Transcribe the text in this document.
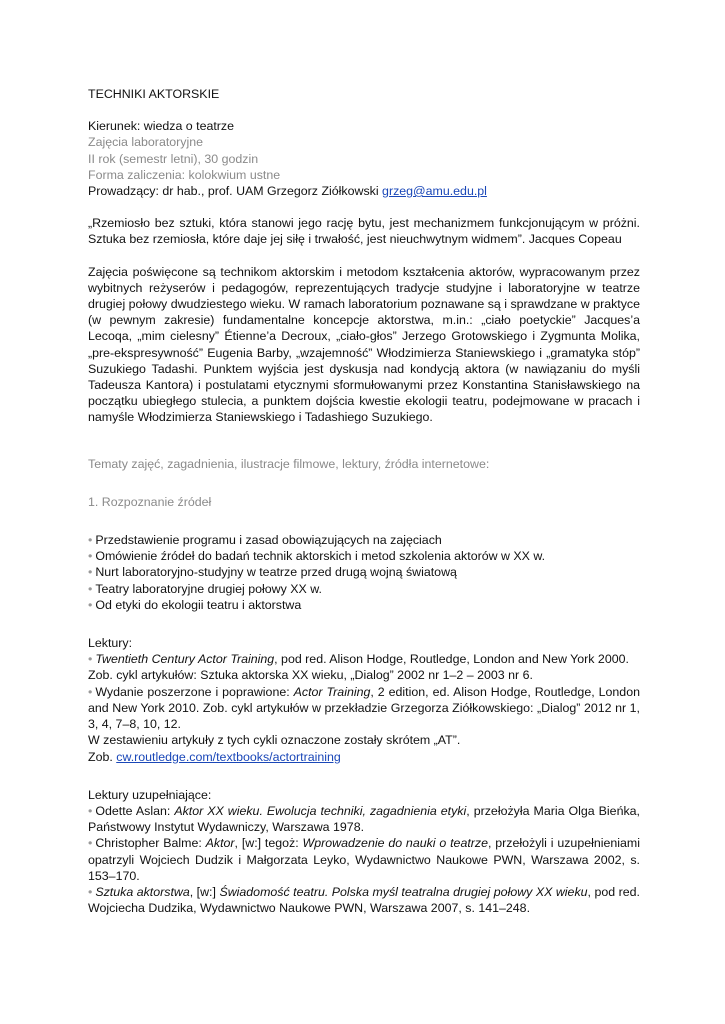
TECHNIKI AKTORSKIE

Kierunek: wiedza o teatrze

Zajęcia laboratoryjne

II rok (semestr letni), 30 godzin

Forma zaliczenia: kolokwium ustne

Prowadzący: dr hab., prof. UAM Grzegorz Ziółkowski grzeg@amu.edu.pl

„Rzemiosło bez sztuki, która stanowi jego rację bytu, jest mechanizmem funkcjonującym w próżni. Sztuka bez rzemiosła, które daje jej siłę i trwałość, jest nieuchwytnym widmem”. Jacques Copeau

Zajęcia poświęcone są technikom aktorskim i metodom kształcenia aktorów, wypracowanym przez wybitnych reżyserów i pedagogów, reprezentujących tradycje studyjne i laboratoryjne w teatrze drugiej połowy dwudziestego wieku. W ramach laboratorium poznawane są i sprawdzane w praktyce (w pewnym zakresie) fundamentalne koncepcje aktorstwa, m.in.: „ciało poetyckie” Jacques’a Lecoqa, „mim cielesny” Étienne’a Decroux, „ciało-głos” Jerzego Grotowskiego i Zygmunta Molika, „pre-ekspresywność” Eugenia Barby, „wzajemność” Włodzimierza Staniewskiego i „gramatyka stóp” Suzukiego Tadashi. Punktem wyjścia jest dyskusja nad kondycją aktora (w nawiązaniu do myśli Tadeusza Kantora) i postulatami etycznymi sformułowanymi przez Konstantina Stanisławskiego na początku ubiegłego stulecia, a punktem dojścia kwestie ekologii teatru, podejmowane w pracach i namyśle Włodzimierza Staniewskiego i Tadashiego Suzukiego.

Tematy zajęć, zagadnienia, ilustracje filmowe, lektury, źródła internetowe:

1. Rozpoznanie źródeł

• Przedstawienie programu i zasad obowiązujących na zajęciach

• Omówienie źródeł do badań technik aktorskich i metod szkolenia aktorów w XX w.

• Nurt laboratoryjno-studyjny w teatrze przed drugą wojną światową

• Teatry laboratoryjne drugiej połowy XX w.

• Od etyki do ekologii teatru i aktorstwa

Lektury:

• Twentieth Century Actor Training, pod red. Alison Hodge, Routledge, London and New York 2000.

Zob. cykl artykułów: Sztuka aktorska XX wieku, „Dialog” 2002 nr 1–2 – 2003 nr 6.

• Wydanie poszerzone i poprawione: Actor Training, 2 edition, ed. Alison Hodge, Routledge, London and New York 2010. Zob. cykl artykułów w przekładzie Grzegorza Ziółkowskiego: „Dialog” 2012 nr 1, 3, 4, 7–8, 10, 12.

W zestawieniu artykuły z tych cykli oznaczone zostały skrótem „AT”.

Zob. cw.routledge.com/textbooks/actortraining

Lektury uzupełniające:

• Odette Aslan: Aktor XX wieku. Ewolucja techniki, zagadnienia etyki, przełożyła Maria Olga Bieńka, Państwowy Instytut Wydawniczy, Warszawa 1978.

• Christopher Balme: Aktor, [w:] tegoż: Wprowadzenie do nauki o teatrze, przełożyli i uzupełnieniami opatrzyli Wojciech Dudzik i Małgorzata Leyko, Wydawnictwo Naukowe PWN, Warszawa 2002, s. 153–170.

• Sztuka aktorstwa, [w:] Świadomość teatru. Polska myśl teatralna drugiej połowy XX wieku, pod red. Wojciecha Dudzika, Wydawnictwo Naukowe PWN, Warszawa 2007, s. 141–248.
